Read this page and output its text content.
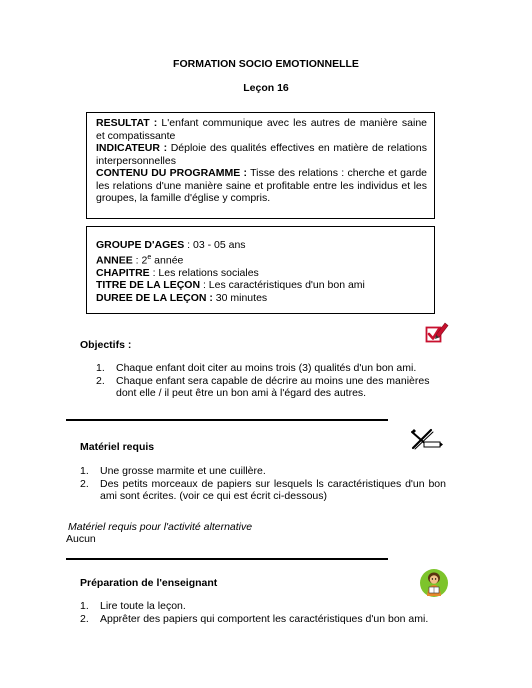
FORMATION SOCIO EMOTIONNELLE
Leçon 16

RESULTAT : L'enfant communique avec les autres de manière saine et compatissante

INDICATEUR : Déploie des qualités effectives en matière de relations interpersonnelles

CONTENU DU PROGRAMME : Tisse des relations : cherche et garde les relations d'une manière saine et profitable entre les individus et les groupes, la famille d'église y compris.

GROUPE D'AGES : 03 - 05 ans

ANNEE : 2e année

CHAPITRE : Les relations sociales

TITRE DE LA LEÇON : Les caractéristiques d'un bon ami

DUREE DE LA LEÇON : 30 minutes

Objectifs :
1. Chaque enfant doit citer au moins trois (3) qualités d'un bon ami.
2. Chaque enfant sera capable de décrire au moins une des manières dont elle / il peut être un bon ami à l'égard des autres.
Matériel requis
1. Une grosse marmite et une cuillère.
2. Des petits morceaux de papiers sur lesquels ls caractéristiques d'un bon ami sont écrites. (voir ce qui est écrit ci-dessous)
Matériel requis pour l'activité alternative
Aucun
Préparation de l'enseignant
1. Lire toute la leçon.
2. Apprêter des papiers qui comportent les caractéristiques d'un bon ami.
